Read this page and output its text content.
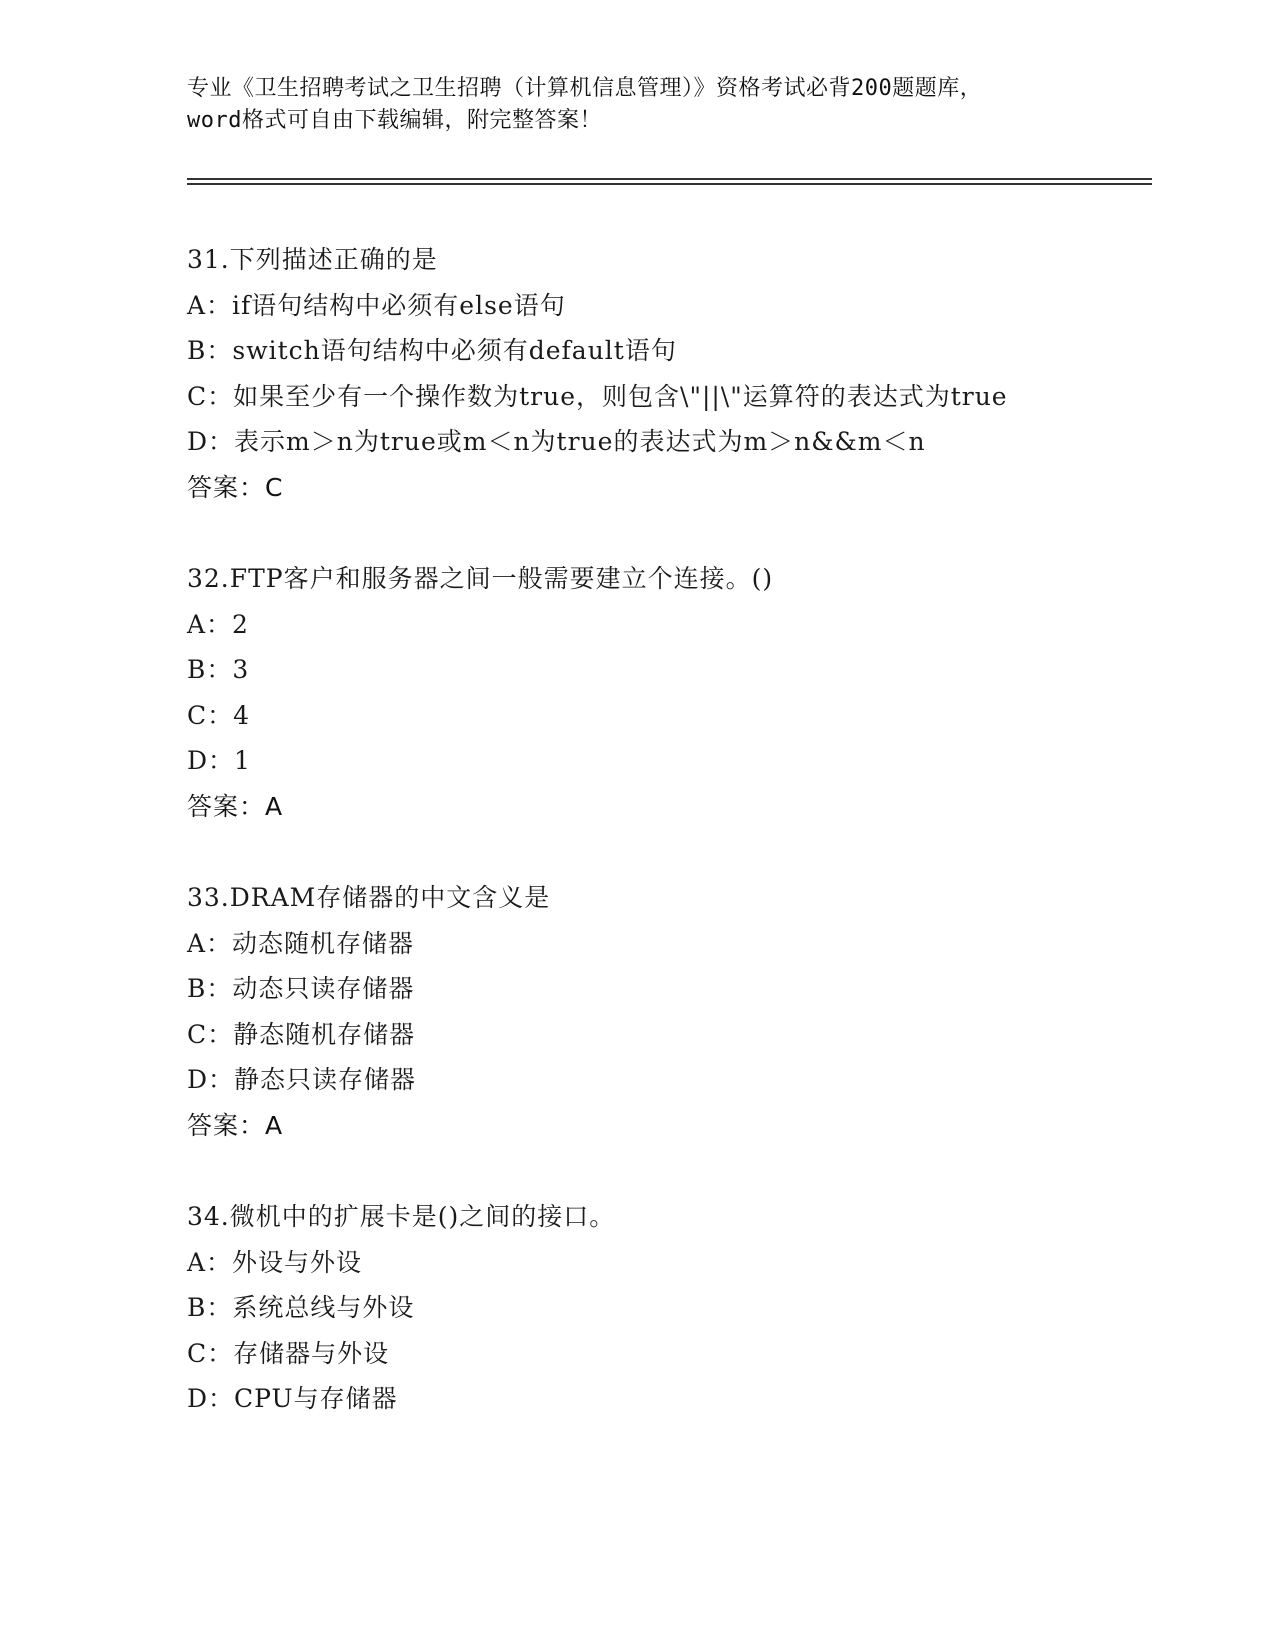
专业《卫生招聘考试之卫生招聘（计算机信息管理）》资格考试必背200题题库，
word格式可自由下载编辑，附完整答案！
31.下列描述正确的是
A：if语句结构中必须有else语句
B：switch语句结构中必须有default语句
C：如果至少有一个操作数为true，则包含\"||\"运算符的表达式为true
D：表示m＞n为true或m＜n为true的表达式为m＞n&&m＜n
答案：C
32.FTP客户和服务器之间一般需要建立个连接。()
A：2
B：3
C：4
D：1
答案：A
33.DRAM存储器的中文含义是
A：动态随机存储器
B：动态只读存储器
C：静态随机存储器
D：静态只读存储器
答案：A
34.微机中的扩展卡是()之间的接口。
A：外设与外设
B：系统总线与外设
C：存储器与外设
D：CPU与存储器
